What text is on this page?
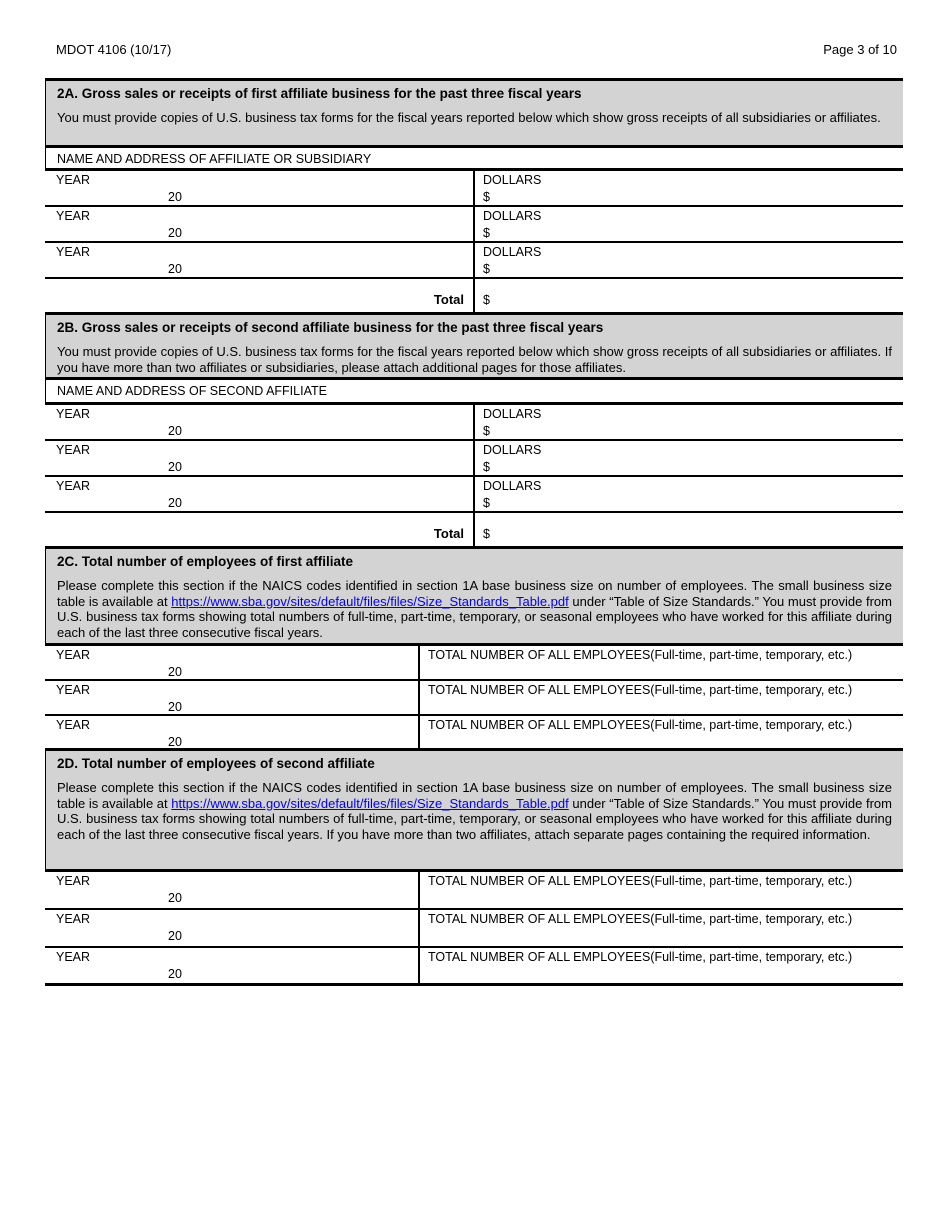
MDOT 4106 (10/17)	Page 3 of 10
2A. Gross sales or receipts of first affiliate business for the past three fiscal years
You must provide copies of U.S. business tax forms for the fiscal years reported below which show gross receipts of all subsidiaries or affiliates.
NAME AND ADDRESS OF AFFILIATE OR SUBSIDIARY
YEAR
20
DOLLARS
$
YEAR
20
DOLLARS
$
YEAR
20
DOLLARS
$
Total $
2B. Gross sales or receipts of second affiliate business for the past three fiscal years
You must provide copies of U.S. business tax forms for the fiscal years reported below which show gross receipts of all subsidiaries or affiliates. If you have more than two affiliates or subsidiaries, please attach additional pages for those affiliates.
NAME AND ADDRESS OF SECOND AFFILIATE
YEAR
20
DOLLARS
$
YEAR
20
DOLLARS
$
YEAR
20
DOLLARS
$
Total $
2C. Total number of employees of first affiliate
Please complete this section if the NAICS codes identified in section 1A base business size on number of employees. The small business size table is available at https://www.sba.gov/sites/default/files/files/Size_Standards_Table.pdf under “Table of Size Standards.” You must provide from U.S. business tax forms showing total numbers of full-time, part-time, temporary, or seasonal employees who have worked for this affiliate during each of the last three consecutive fiscal years.
YEAR
20
TOTAL NUMBER OF ALL EMPLOYEES(Full-time, part-time, temporary, etc.)
YEAR
20
TOTAL NUMBER OF ALL EMPLOYEES(Full-time, part-time, temporary, etc.)
YEAR
20
TOTAL NUMBER OF ALL EMPLOYEES(Full-time, part-time, temporary, etc.)
2D. Total number of employees of second affiliate
Please complete this section if the NAICS codes identified in section 1A base business size on number of employees. The small business size table is available at https://www.sba.gov/sites/default/files/files/Size_Standards_Table.pdf under “Table of Size Standards.” You must provide from U.S. business tax forms showing total numbers of full-time, part-time, temporary, or seasonal employees who have worked for this affiliate during each of the last three consecutive fiscal years. If you have more than two affiliates, attach separate pages containing the required information.
YEAR
20
TOTAL NUMBER OF ALL EMPLOYEES(Full-time, part-time, temporary, etc.)
YEAR
20
TOTAL NUMBER OF ALL EMPLOYEES(Full-time, part-time, temporary, etc.)
YEAR
20
TOTAL NUMBER OF ALL EMPLOYEES(Full-time, part-time, temporary, etc.)
